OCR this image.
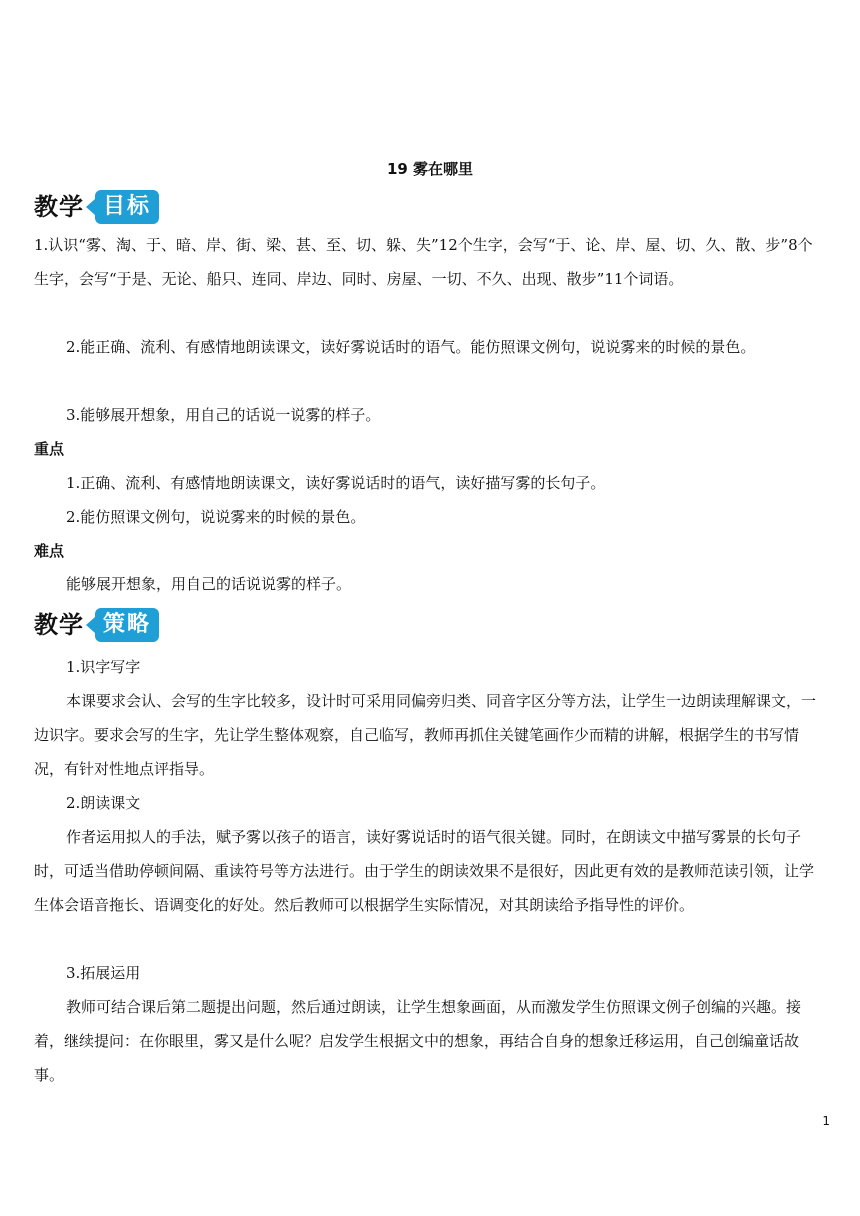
19 雾在哪里
教学 目标

1.认识“雾、淘、于、暗、岸、街、梁、甚、至、切、躲、失”12个生字，会写“于、论、岸、屋、切、久、散、步”8个生字，会写“于是、无论、船只、连同、岸边、同时、房屋、一切、不久、出现、散步”11个词语。

2.能正确、流利、有感情地朗读课文，读好雾说话时的语气。能仿照课文例句，说说雾来的时候的景色。

3.能够展开想象，用自己的话说一说雾的样子。

重点

1.正确、流利、有感情地朗读课文，读好雾说话时的语气，读好描写雾的长句子。

2.能仿照课文例句，说说雾来的时候的景色。

难点

能够展开想象，用自己的话说说雾的样子。

教学 策略

1.识字写字

本课要求会认、会写的生字比较多，设计时可采用同偏旁归类、同音字区分等方法，让学生一边朗读理解课文，一边识字。要求会写的生字，先让学生整体观察，自己临写，教师再抓住关键笔画作少而精的讲解，根据学生的书写情况，有针对性地点评指导。

2.朗读课文

作者运用拟人的手法，赋予雾以孩子的语言，读好雾说话时的语气很关键。同时，在朗读文中描写雾景的长句子时，可适当借助停顿间隔、重读符号等方法进行。由于学生的朗读效果不是很好，因此更有效的是教师范读引领，让学生体会语音拖长、语调变化的好处。然后教师可以根据学生实际情况，对其朗读给予指导性的评价。

3.拓展运用

教师可结合课后第二题提出问题，然后通过朗读，让学生想象画面，从而激发学生仿照课文例子创编的兴趣。接着，继续提问：在你眼里，雾又是什么呢？启发学生根据文中的想象，再结合自身的想象迁移运用，自己创编童话故事。

1
